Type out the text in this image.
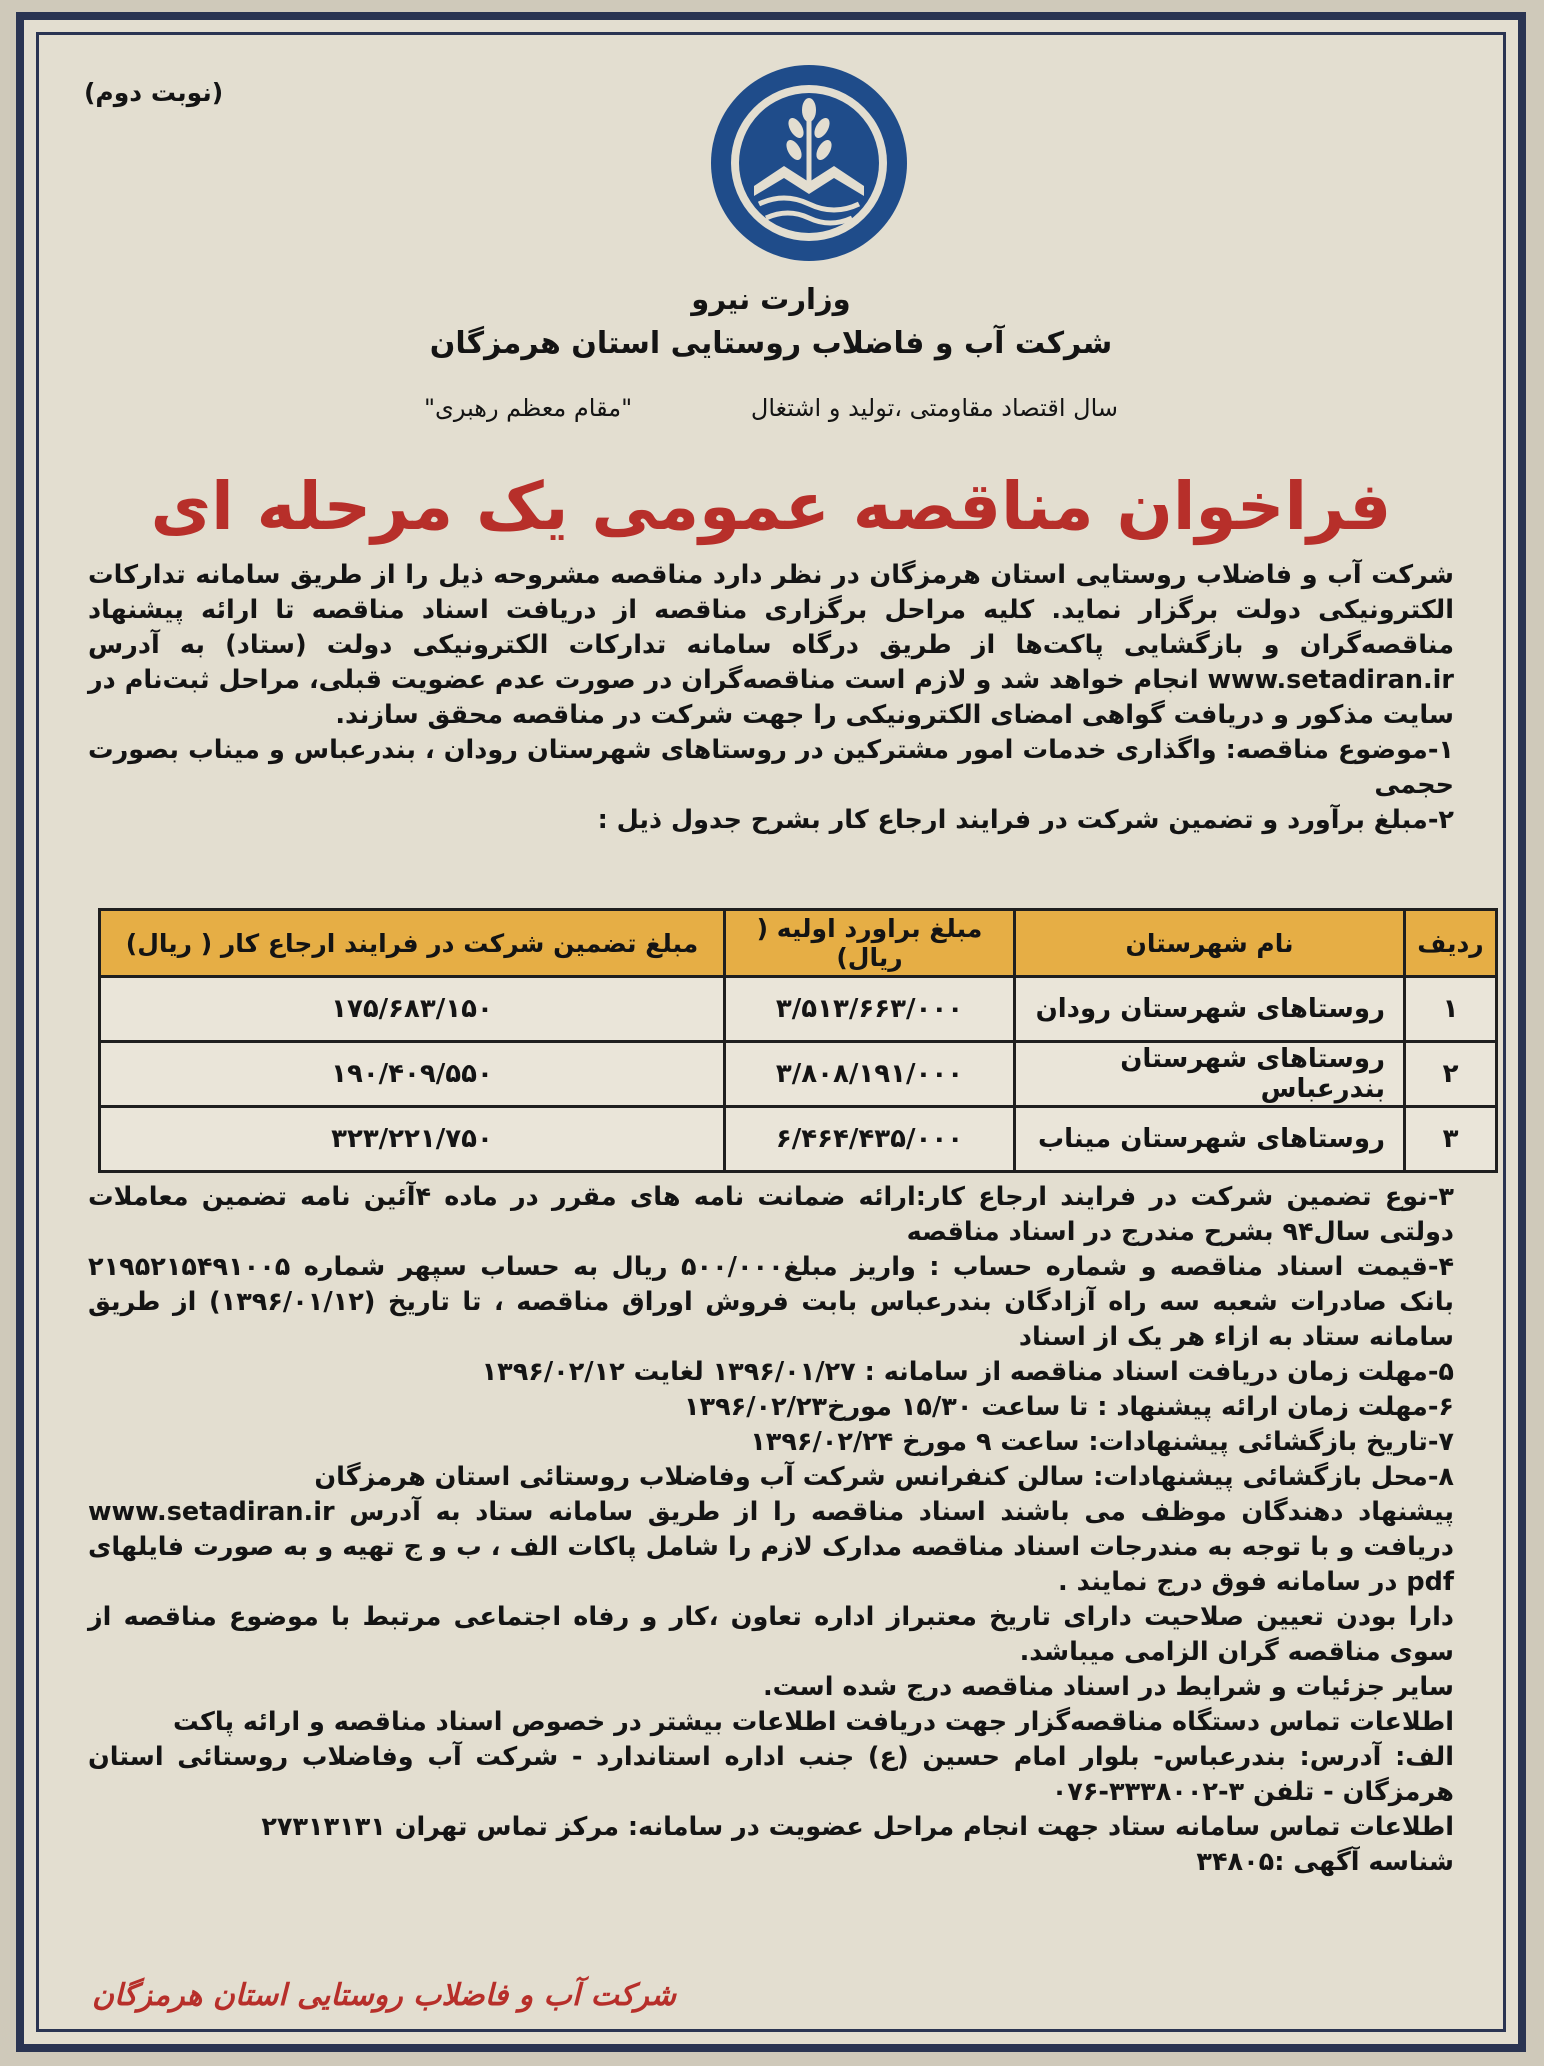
(نوبت دوم)
وزارت نیرو
شرکت آب و فاضلاب روستایی استان هرمزگان
سال اقتصاد مقاومتی ،تولید و اشتغال
"مقام معظم رهبری"
فراخوان مناقصه عمومی یک مرحله ای

شرکت آب و فاضلاب روستایی استان هرمزگان در نظر دارد مناقصه مشروحه ذیل را از طریق سامانه تدارکات الکترونیکی دولت برگزار نماید. کلیه مراحل برگزاری مناقصه از دریافت اسناد مناقصه تا ارائه پیشنهاد مناقصه‌گران و بازگشایی پاکت‌ها از طریق درگاه سامانه تدارکات الکترونیکی دولت (ستاد) به آدرس www.setadiran.ir انجام خواهد شد و لازم است مناقصه‌گران در صورت عدم عضویت قبلی، مراحل ثبت‌نام در سایت مذکور و دریافت گواهی امضای الکترونیکی را جهت شرکت در مناقصه محقق سازند.

۱-موضوع مناقصه: واگذاری خدمات امور مشترکین در روستاهای شهرستان رودان ، بندرعباس و میناب بصورت حجمی

۲-مبلغ برآورد و تضمین شرکت در فرایند ارجاع کار بشرح جدول ذیل :

ردیف	نام شهرستان	مبلغ براورد اولیه ( ریال)	مبلغ تضمین شرکت در فرایند ارجاع کار ( ریال)
۱	روستاهای شهرستان رودان	۳/۵۱۳/۶۶۳/۰۰۰	۱۷۵/۶۸۳/۱۵۰
۲	روستاهای شهرستان بندرعباس	۳/۸۰۸/۱۹۱/۰۰۰	۱۹۰/۴۰۹/۵۵۰
۳	روستاهای شهرستان میناب	۶/۴۶۴/۴۳۵/۰۰۰	۳۲۳/۲۲۱/۷۵۰

۳-نوع تضمین شرکت در فرایند ارجاع کار:ارائه ضمانت نامه های مقرر در ماده ۴آئین نامه تضمین معاملات دولتی سال۹۴ بشرح مندرج در اسناد مناقصه

۴-قیمت اسناد مناقصه و شماره حساب : واریز مبلغ۵۰۰/۰۰۰ ریال به حساب سپهر شماره ۲۱۹۵۲۱۵۴۹۱۰۰۵ بانک صادرات شعبه سه راه آزادگان بندرعباس بابت فروش اوراق مناقصه ، تا تاریخ (۱۳۹۶/۰۱/۱۲) از طریق سامانه ستاد به ازاء هر یک از اسناد

۵-مهلت زمان دریافت اسناد مناقصه از سامانه : ۱۳۹۶/۰۱/۲۷ لغایت ۱۳۹۶/۰۲/۱۲

۶-مهلت زمان ارائه پیشنهاد : تا ساعت ۱۵/۳۰ مورخ۱۳۹۶/۰۲/۲۳

۷-تاریخ بازگشائی پیشنهادات: ساعت ۹ مورخ ۱۳۹۶/۰۲/۲۴

۸-محل بازگشائی پیشنهادات: سالن کنفرانس شرکت آب وفاضلاب روستائی استان هرمزگان

پیشنهاد دهندگان موظف می باشند اسناد مناقصه را از طریق سامانه ستاد به آدرس www.setadiran.ir دریافت و با توجه به مندرجات اسناد مناقصه مدارک لازم را شامل پاکات الف ، ب و ج تهیه و به صورت فایلهای pdf در سامانه فوق درج نمایند .

دارا بودن تعیین صلاحیت دارای تاریخ معتبراز اداره تعاون ،کار و رفاه اجتماعی مرتبط با موضوع مناقصه از سوی مناقصه گران الزامی میباشد.

سایر جزئیات و شرایط در اسناد مناقصه درج شده است.

اطلاعات تماس دستگاه مناقصه‌گزار جهت دریافت اطلاعات بیشتر در خصوص اسناد مناقصه و ارائه پاکت

الف: آدرس: بندرعباس- بلوار امام حسین (ع) جنب اداره استاندارد - شرکت آب وفاضلاب روستائی استان هرمزگان - تلفن ۳-۳۳۳۸۰۰۲-۰۷۶

اطلاعات تماس سامانه ستاد جهت انجام مراحل عضویت در سامانه: مرکز تماس تهران ۲۷۳۱۳۱۳۱

شناسه آگهی :۳۴۸۰۵

شرکت آب و فاضلاب روستایی استان هرمزگان
